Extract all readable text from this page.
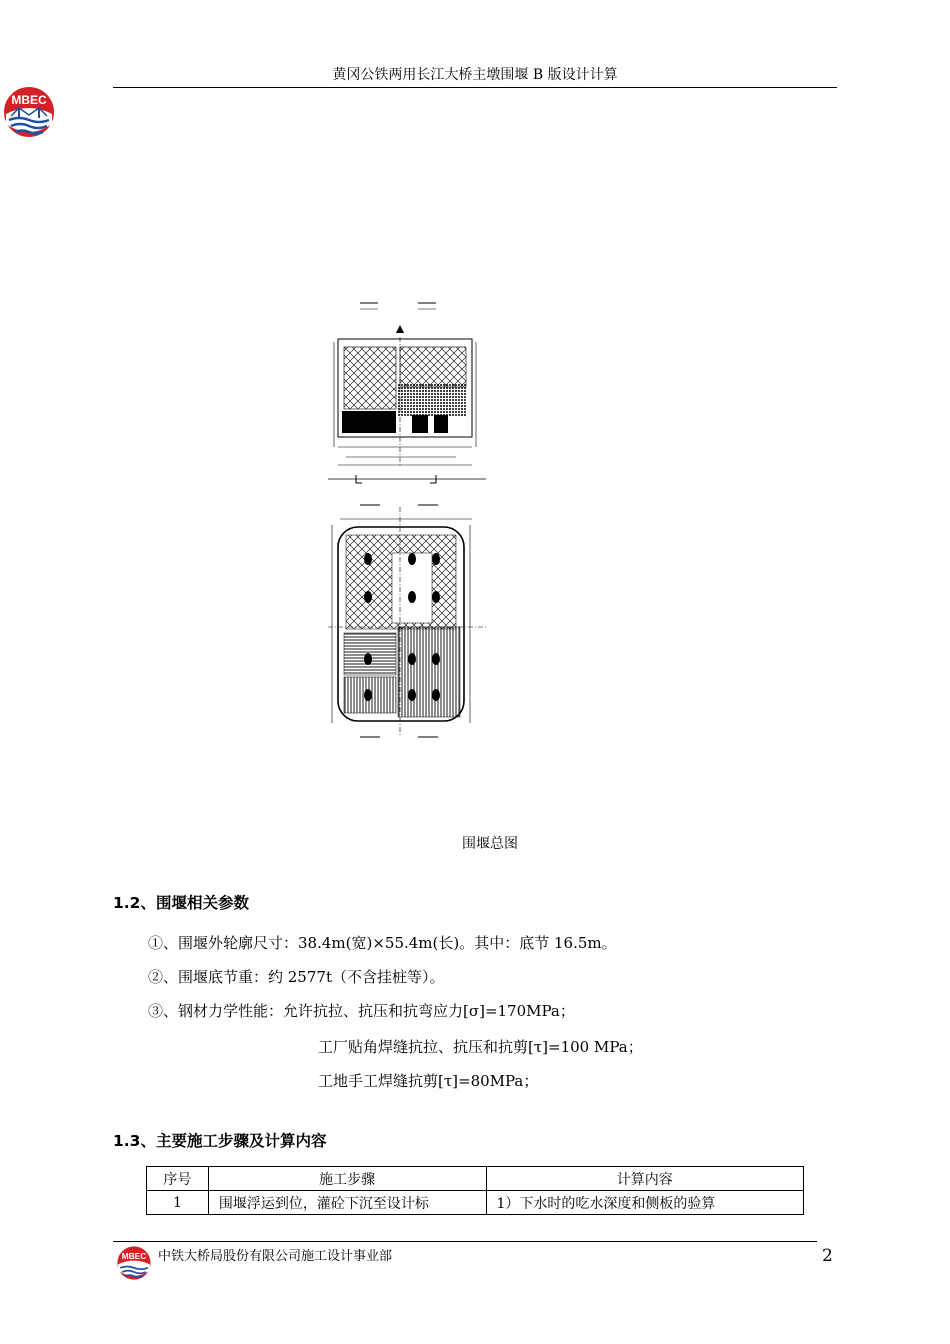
黄冈公铁两用长江大桥主墩围堰 B 版设计计算
MBEC
围堰总图
1.2、围堰相关参数
①、围堰外轮廓尺寸：38.4m(宽)×55.4m(长)。其中：底节 16.5m。
②、围堰底节重：约 2577t（不含挂桩等）。
③、钢材力学性能：允许抗拉、抗压和抗弯应力[σ]=170MPa；
工厂贴角焊缝抗拉、抗压和抗剪[τ]=100 MPa；
工地手工焊缝抗剪[τ]=80MPa；
1.3、主要施工步骤及计算内容
序号	施工步骤	计算内容
1	围堰浮运到位，灌砼下沉至设计标	1）下水时的吃水深度和侧板的验算
MBEC 中铁大桥局股份有限公司施工设计事业部	2
